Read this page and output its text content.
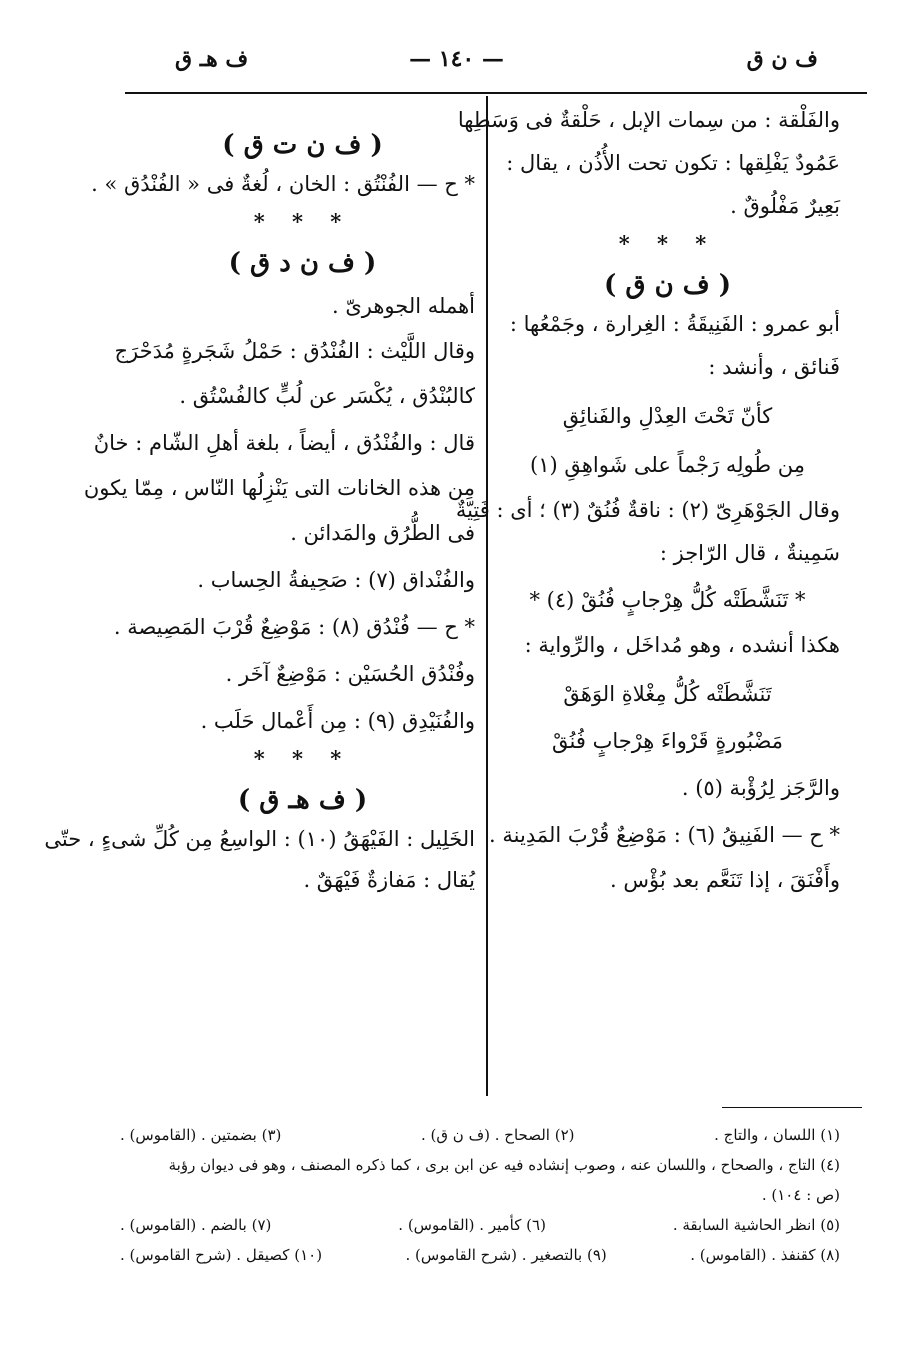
ف ن ق
— ١٤٠ —
ف هـ ق

والفَلْقة : من سِمات الإبل ، حَلْقةٌ فى وَسَطِها
عَمُودٌ يَفْلِقها : تكون تحت الأُذُن ، يقال :
بَعِيرٌ مَفْلُوقٌ .

* * *

( ف ن ق )

أبو عمرو : الفَنِيقَةُ : الغِرارة ، وجَمْعُها :
فَنائق ، وأنشد :

كأنّ تَحْتَ العِدْلِ والفَنائِقِ

مِن طُولِه رَجْماً على شَواهِقِ (١)

وقال الجَوْهَرِىّ (٢) : ناقةٌ فُنُقٌ (٣) ؛ أى : فَتِيّةٌ
سَمِينةٌ ، قال الرّاجز :

* تَنَشَّطَتْه كُلُّ هِرْجابٍ فُنُقْ (٤) *

هكذا أنشده ، وهو مُداخَل ، والرِّواية :

تَنَشَّطَتْه كُلُّ مِغْلاةِ الوَهَقْ

مَضْبُورةٍ قَرْواءَ هِرْجابٍ فُنُقْ

والرَّجَز لِرُؤْبة (٥) .

* ح — الفَنِيقُ (٦) : مَوْضِعٌ قُرْبَ المَدِينة .
وأَفْنَقَ ، إذا تَنَعَّم بعد بُؤْس .

( ف ن ت ق )

* ح — الفُنْتُق : الخان ، لُغةٌ فى « الفُنْدُق » .

* * *

( ف ن د ق )

أهمله الجوهرىّ .
وقال اللَّيْث : الفُنْدُق : حَمْلُ شَجَرةٍ مُدَحْرَج
كالبُنْدُق ، يُكْسَر عن لُبٍّ كالفُسْتُق .

قال : والفُنْدُق ، أيضاً ، بلغة أهلِ الشّام : خانٌ
مِن هذه الخانات التى يَنْزِلُها النّاس ، مِمّا يكون
فى الطُّرُق والمَدائن .

والفُنْداق (٧) : صَحِيفةُ الحِساب .

* ح — فُنْدُق (٨) : مَوْضِعٌ قُرْبَ المَصِيصة .

وفُنْدُق الحُسَيْن : مَوْضِعٌ آخَر .

والفُنَيْدِق (٩) : مِن أَعْمال حَلَب .

* * *

( ف هـ ق )

الخَلِيل : الفَيْهَقُ (١٠) : الواسِعُ مِن كُلِّ شىءٍ ، حتّى
يُقال : مَفازةٌ فَيْهَقٌ .

(١) اللسان ، والتاج .
(٢) الصحاح . (ف ن ق) .
(٣) بضمتين . (القاموس) .
(٤) التاج ، والصحاح ، واللسان عنه ، وصوب إنشاده فيه عن ابن برى ، كما ذكره المصنف ، وهو فى ديوان رؤبة
(ص : ١٠٤) .
(٥) انظر الحاشية السابقة .
(٦) كأمير . (القاموس) .
(٧) بالضم . (القاموس) .
(٨) كقنفذ . (القاموس) .
(٩) بالتصغير . (شرح القاموس) .
(١٠) كصيقل . (شرح القاموس) .
